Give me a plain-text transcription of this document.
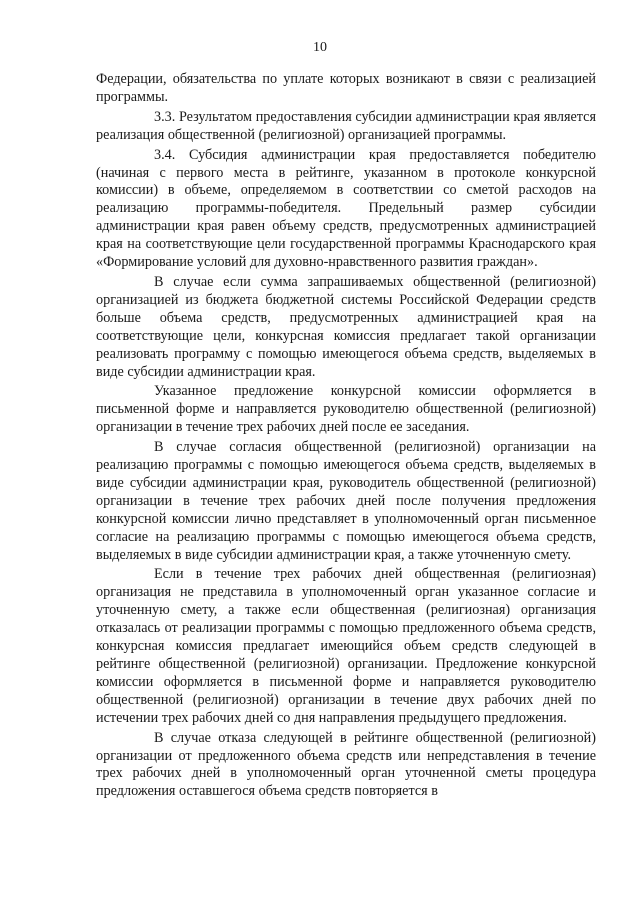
10

Федерации, обязательства по уплате которых возникают в связи с реализацией программы.

3.3. Результатом предоставления субсидии администрации края является реализация общественной (религиозной) организацией программы.

3.4. Субсидия администрации края предоставляется победителю (начиная с первого места в рейтинге, указанном в протоколе конкурсной комиссии) в объеме, определяемом в соответствии со сметой расходов на реализацию программы-победителя. Предельный размер субсидии администрации края равен объему средств, предусмотренных администрацией края на соответствующие цели государственной программы Краснодарского края «Формирование условий для духовно-нравственного развития граждан».

В случае если сумма запрашиваемых общественной (религиозной) организацией из бюджета бюджетной системы Российской Федерации средств больше объема средств, предусмотренных администрацией края на соответствующие цели, конкурсная комиссия предлагает такой организации реализовать программу с помощью имеющегося объема средств, выделяемых в виде субсидии администрации края.

Указанное предложение конкурсной комиссии оформляется в письменной форме и направляется руководителю общественной (религиозной) организации в течение трех рабочих дней после ее заседания.

В случае согласия общественной (религиозной) организации на реализацию программы с помощью имеющегося объема средств, выделяемых в виде субсидии администрации края, руководитель общественной (религиозной) организации в течение трех рабочих дней после получения предложения конкурсной комиссии лично представляет в уполномоченный орган письменное согласие на реализацию программы с помощью имеющегося объема средств, выделяемых в виде субсидии администрации края, а также уточненную смету.

Если в течение трех рабочих дней общественная (религиозная) организация не представила в уполномоченный орган указанное согласие и уточненную смету, а также если общественная (религиозная) организация отказалась от реализации программы с помощью предложенного объема средств, конкурсная комиссия предлагает имеющийся объем средств следующей в рейтинге общественной (религиозной) организации. Предложение конкурсной комиссии оформляется в письменной форме и направляется руководителю общественной (религиозной) организации в течение двух рабочих дней по истечении трех рабочих дней со дня направления предыдущего предложения.

В случае отказа следующей в рейтинге общественной (религиозной) организации от предложенного объема средств или непредставления в течение трех рабочих дней в уполномоченный орган уточненной сметы процедура предложения оставшегося объема средств повторяется в
